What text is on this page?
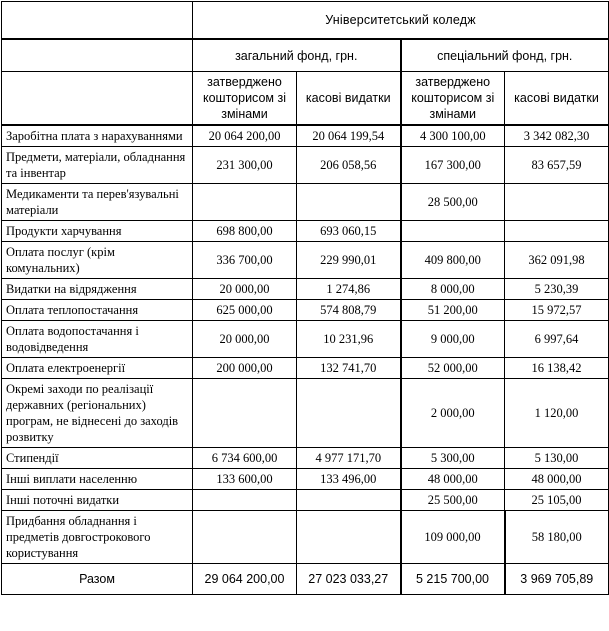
	Університетський коледж			
	загальний фонд, грн.		спеціальний фонд, грн.	
	затверджено кошторисом зі змінами	касові видатки	затверджено кошторисом зі змінами	касові видатки
Заробітна плата з нарахуваннями	20 064 200,00	20 064 199,54	4 300 100,00	3 342 082,30
Предмети, матеріали, обладнання та інвентар	231 300,00	206 058,56	167 300,00	83 657,59
Медикаменти та перев'язувальні матеріали			28 500,00	
Продукти харчування	698 800,00	693 060,15		
Оплата послуг (крім комунальних)	336 700,00	229 990,01	409 800,00	362 091,98
Видатки на відрядження	20 000,00	1 274,86	8 000,00	5 230,39
Оплата теплопостачання	625 000,00	574 808,79	51 200,00	15 972,57
Оплата водопостачання і водовідведення	20 000,00	10 231,96	9 000,00	6 997,64
Оплата електроенергії	200 000,00	132 741,70	52 000,00	16 138,42
Окремі заходи по реалізації державних (регіональних) програм, не віднесені до заходів розвитку			2 000,00	1 120,00
Стипендії	6 734 600,00	4 977 171,70	5 300,00	5 130,00
Інші виплати населенню	133 600,00	133 496,00	48 000,00	48 000,00
Інші поточні видатки			25 500,00	25 105,00
Придбання обладнання і предметів довгострокового користування			109 000,00	58 180,00
Разом	29 064 200,00	27 023 033,27	5 215 700,00	3 969 705,89
